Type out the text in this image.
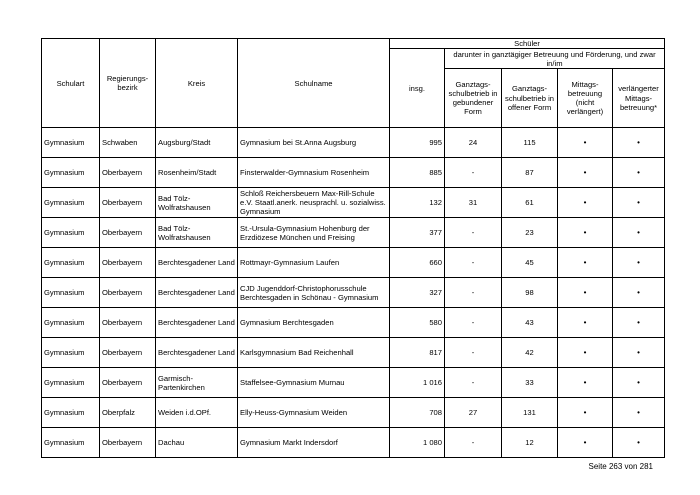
Schulart	Regierungs-bezirk	Kreis	Schulname	Schüler				
				insg.	darunter in ganztägiger Betreuung und Förderung, und zwar in/im			
					Ganztags-schulbetrieb in gebundener Form	Ganztags-schulbetrieb in offener Form	Mittags-betreuung (nicht verlängert)	verlängerter Mittags-betreuung*
Gymnasium	Schwaben	Augsburg/Stadt	Gymnasium bei St.Anna Augsburg	995	24	115	•	•
Gymnasium	Oberbayern	Rosenheim/Stadt	Finsterwalder-Gymnasium Rosenheim	885	-	87	•	•
Gymnasium	Oberbayern	Bad Tölz-Wolfratshausen	Schloß Reichersbeuern Max-Rill-Schule e.V. Staatl.anerk. neusprachl. u. sozialwiss. Gymnasium	132	31	61	•	•
Gymnasium	Oberbayern	Bad Tölz-Wolfratshausen	St.-Ursula-Gymnasium Hohenburg der Erzdiözese München und Freising	377	-	23	•	•
Gymnasium	Oberbayern	Berchtesgadener Land	Rottmayr-Gymnasium Laufen	660	-	45	•	•
Gymnasium	Oberbayern	Berchtesgadener Land	CJD Jugenddorf-Christophorusschule Berchtesgaden in Schönau - Gymnasium	327	-	98	•	•
Gymnasium	Oberbayern	Berchtesgadener Land	Gymnasium Berchtesgaden	580	-	43	•	•
Gymnasium	Oberbayern	Berchtesgadener Land	Karlsgymnasium Bad Reichenhall	817	-	42	•	•
Gymnasium	Oberbayern	Garmisch-Partenkirchen	Staffelsee-Gymnasium Murnau	1 016	-	33	•	•
Gymnasium	Oberpfalz	Weiden i.d.OPf.	Elly-Heuss-Gymnasium Weiden	708	27	131	•	•
Gymnasium	Oberbayern	Dachau	Gymnasium Markt Indersdorf	1 080	-	12	•	•
Seite 263 von 281
